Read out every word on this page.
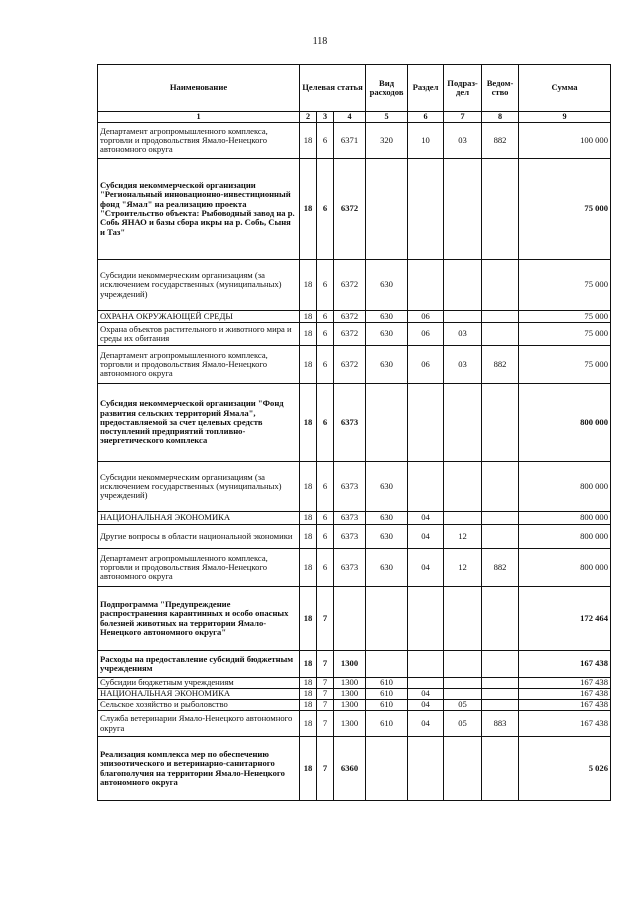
118
Наименование	Целевая статья			Вид расходов	Раздел	Подраз-дел	Ведом-ство	Сумма
1	2	3	4	5	6	7	8	9
Департамент агропромышленного комплекса, торговли и продовольствия Ямало-Ненецкого автономного округа	18	6	6371	320	10	03	882	100 000
Субсидия некоммерческой организации "Региональный инновационно-инвестиционный фонд "Ямал" на реализацию проекта "Строительство объекта: Рыбоводный завод на р. Собь ЯНАО и базы сбора икры на р. Собь, Сыня и Таз"	18	6	6372					75 000
Субсидии некоммерческим организациям (за исключением государственных (муниципальных) учреждений)	18	6	6372	630				75 000
ОХРАНА ОКРУЖАЮЩЕЙ СРЕДЫ	18	6	6372	630	06			75 000
Охрана объектов растительного и животного мира и среды их обитания	18	6	6372	630	06	03		75 000
Департамент агропромышленного комплекса, торговли и продовольствия Ямало-Ненецкого автономного округа	18	6	6372	630	06	03	882	75 000
Субсидия некоммерческой организации "Фонд развития сельских территорий Ямала", предоставляемой за счет целевых средств поступлений предприятий топливно-энергетического комплекса	18	6	6373					800 000
Субсидии некоммерческим организациям (за исключением государственных (муниципальных) учреждений)	18	6	6373	630				800 000
НАЦИОНАЛЬНАЯ ЭКОНОМИКА	18	6	6373	630	04			800 000
Другие вопросы в области национальной экономики	18	6	6373	630	04	12		800 000
Департамент агропромышленного комплекса, торговли и продовольствия Ямало-Ненецкого автономного округа	18	6	6373	630	04	12	882	800 000
Подпрограмма "Предупреждение распространения карантинных и особо опасных болезней животных на территории Ямало-Ненецкого автономного округа"	18	7						172 464
Расходы на предоставление субсидий бюджетным учреждениям	18	7	1300					167 438
Субсидии бюджетным учреждениям	18	7	1300	610				167 438
НАЦИОНАЛЬНАЯ ЭКОНОМИКА	18	7	1300	610	04			167 438
Сельское хозяйство и рыболовство	18	7	1300	610	04	05		167 438
Служба ветеринарии Ямало-Ненецкого автономного округа	18	7	1300	610	04	05	883	167 438
Реализация комплекса мер по обеспечению эпизоотического и ветеринарно-санитарного благополучия на территории Ямало-Ненецкого автономного округа	18	7	6360					5 026
